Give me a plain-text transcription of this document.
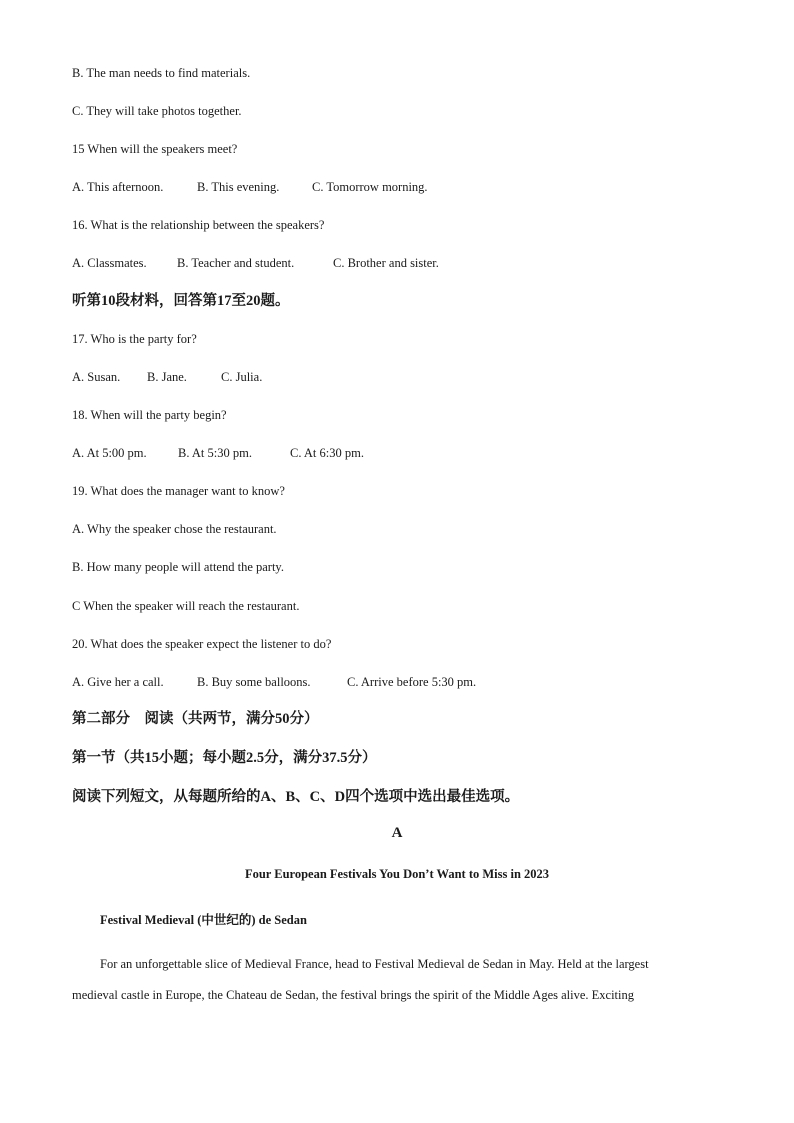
B. The man needs to find materials.
C. They will take photos together.
15 When will the speakers meet?
A. This afternoon.	B. This evening.	C. Tomorrow morning.
16. What is the relationship between the speakers?
A. Classmates. B. Teacher and student.	C. Brother and sister.
听第10段材料，回答第17至20题。
17. Who is the party for?
A. Susan. B. Jane.	C. Julia.
18. When will the party begin?
A. At 5:00 pm.	B. At 5:30 pm.	C. At 6:30 pm.
19. What does the manager want to know?
A. Why the speaker chose the restaurant.
B. How many people will attend the party.
C When the speaker will reach the restaurant.
20. What does the speaker expect the listener to do?
A. Give her a call.	B. Buy some balloons.	C. Arrive before 5:30 pm.
第二部分　阅读（共两节，满分50分）
第一节（共15小题；每小题2.5分，满分37.5分）
阅读下列短文，从每题所给的A、B、C、D四个选项中选出最佳选项。
A
Four European Festivals You Don’t Want to Miss in 2023
Festival Medieval (中世纪的) de Sedan
For an unforgettable slice of Medieval France, head to Festival Medieval de Sedan in May. Held at the largest
medieval castle in Europe, the Chateau de Sedan, the festival brings the spirit of the Middle Ages alive. Exciting
